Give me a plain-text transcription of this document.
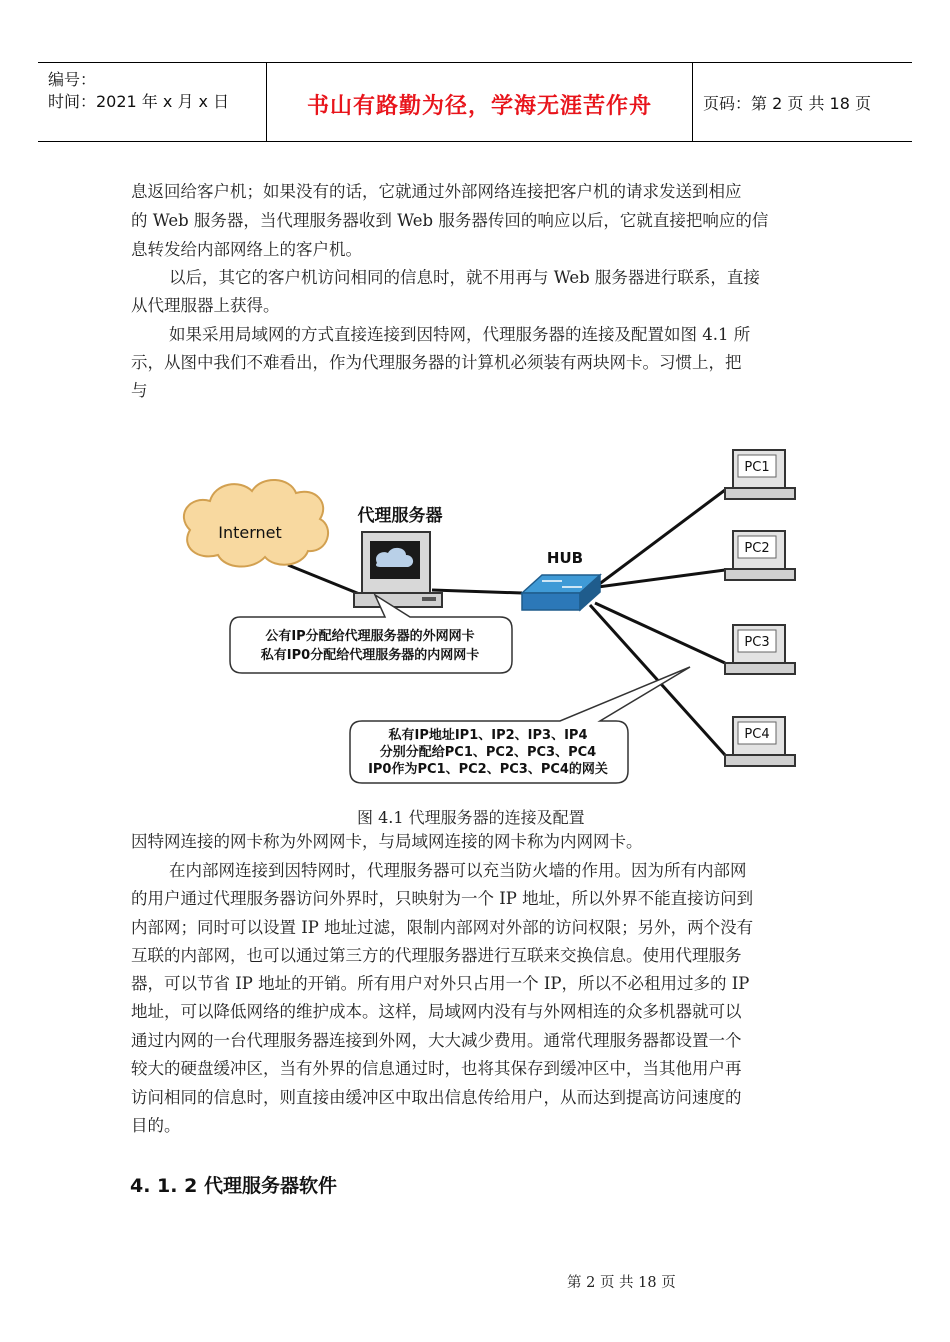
编号：
时间：2021 年 x 月 x 日	书山有路勤为径，学海无涯苦作舟	页码：第 2 页 共 18 页
息返回给客户机；如果没有的话，它就通过外部网络连接把客户机的请求发送到相应
的 Web 服务器，当代理服务器收到 Web 服务器传回的响应以后，它就直接把响应的信
息转发给内部网络上的客户机。
以后，其它的客户机访问相同的信息时，就不用再与 Web 服务器进行联系，直接
从代理服器上获得。
如果采用局域网的方式直接连接到因特网，代理服务器的连接及配置如图 4.1 所
示，从图中我们不难看出，作为代理服务器的计算机必须装有两块网卡。习惯上，把
与
Internet
代理服务器
HUB
PC1
PC2
PC3
PC4
公有IP分配给代理服务器的外网网卡
私有IP0分配给代理服务器的内网网卡
私有IP地址IP1、IP2、IP3、IP4
分别分配给PC1、PC2、PC3、PC4
IP0作为PC1、PC2、PC3、PC4的网关
图 4.1 代理服务器的连接及配置
因特网连接的网卡称为外网网卡，与局域网连接的网卡称为内网网卡。
在内部网连接到因特网时，代理服务器可以充当防火墙的作用。因为所有内部网
的用户通过代理服务器访问外界时，只映射为一个 IP 地址，所以外界不能直接访问到
内部网；同时可以设置 IP 地址过滤，限制内部网对外部的访问权限；另外，两个没有
互联的内部网，也可以通过第三方的代理服务器进行互联来交换信息。使用代理服务
器，可以节省 IP 地址的开销。所有用户对外只占用一个 IP，所以不必租用过多的 IP
地址，可以降低网络的维护成本。这样，局域网内没有与外网相连的众多机器就可以
通过内网的一台代理服务器连接到外网，大大减少费用。通常代理服务器都设置一个
较大的硬盘缓冲区，当有外界的信息通过时，也将其保存到缓冲区中，当其他用户再
访问相同的信息时，则直接由缓冲区中取出信息传给用户，从而达到提高访问速度的
目的。
4. 1. 2 代理服务器软件
第 2 页 共 18 页
